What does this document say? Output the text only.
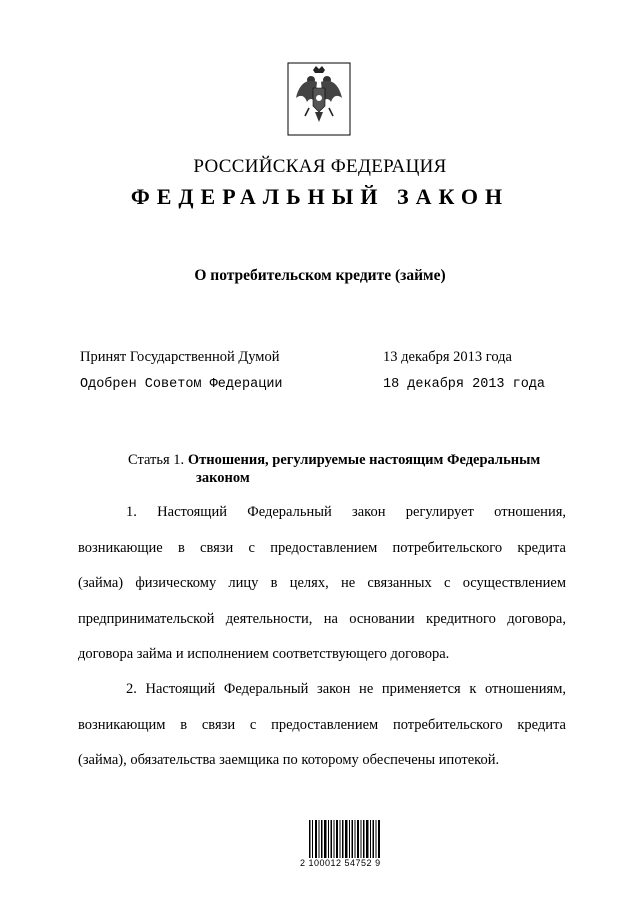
РОССИЙСКАЯ ФЕДЕРАЦИЯ
ФЕДЕРАЛЬНЫЙ ЗАКОН
О потребительском кредите (займе)
Принят Государственной Думой	13 декабря 2013 года
Одобрен Советом Федерации	18 декабря 2013 года
Статья 1. Отношения, регулируемые настоящим Федеральным
законом
1. Настоящий Федеральный закон регулирует отношения,
возникающие в связи с предоставлением потребительского кредита
(займа) физическому лицу в целях, не связанных с осуществлением
предпринимательской деятельности, на основании кредитного договора,
договора займа и исполнением соответствующего договора.
2. Настоящий Федеральный закон не применяется к отношениям,
возникающим в связи с предоставлением потребительского кредита
(займа), обязательства заемщика по которому обеспечены ипотекой.
2 100012 54752 9
